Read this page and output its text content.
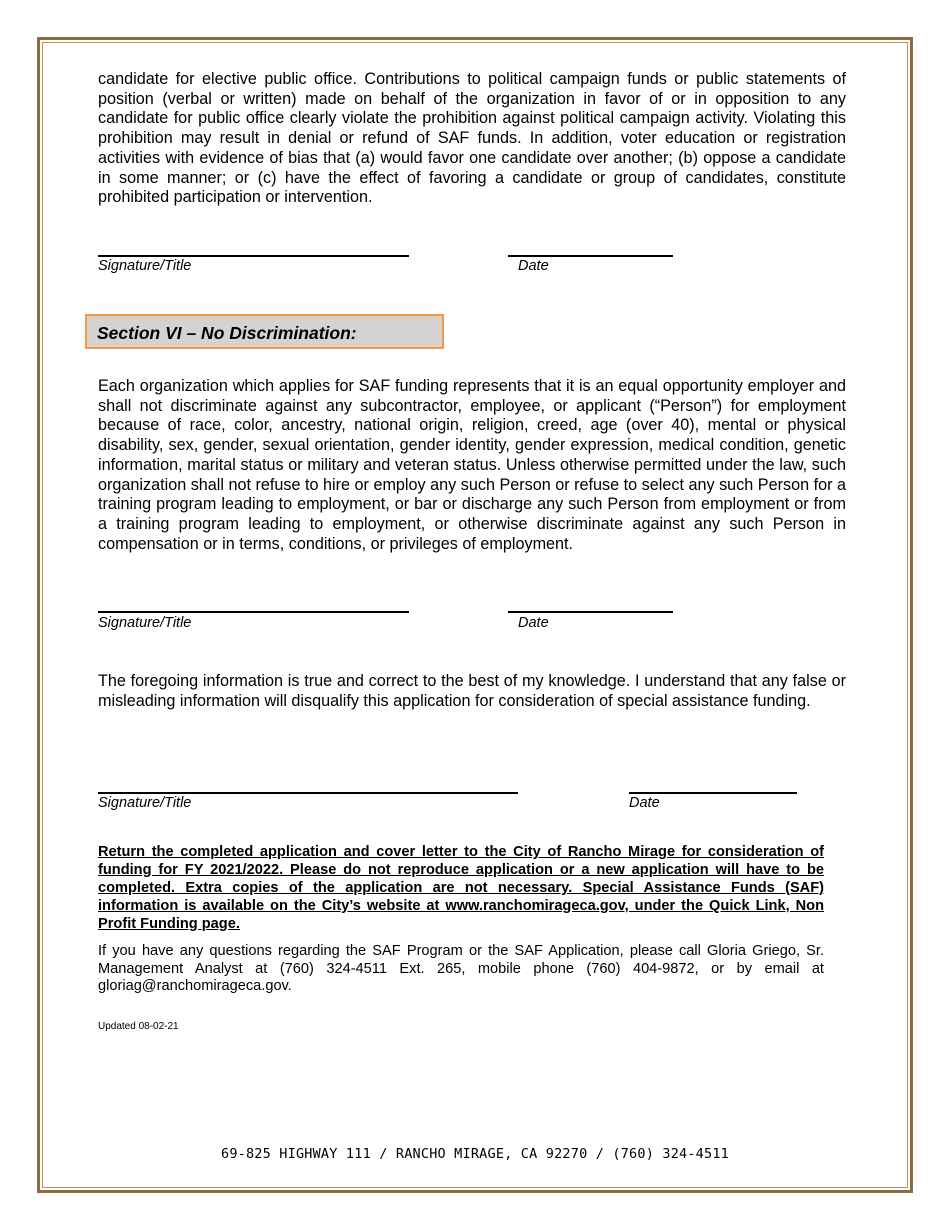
candidate for elective public office. Contributions to political campaign funds or public statements of position (verbal or written) made on behalf of the organization in favor of or in opposition to any candidate for public office clearly violate the prohibition against political campaign activity. Violating this prohibition may result in denial or refund of SAF funds. In addition, voter education or registration activities with evidence of bias that (a) would favor one candidate over another; (b) oppose a candidate in some manner; or (c) have the effect of favoring a candidate or group of candidates, constitute prohibited participation or intervention.

Signature/Title	Date
Section VI – No Discrimination:

Each organization which applies for SAF funding represents that it is an equal opportunity employer and shall not discriminate against any subcontractor, employee, or applicant (“Person”) for employment because of race, color, ancestry, national origin, religion, creed, age (over 40), mental or physical disability, sex, gender, sexual orientation, gender identity, gender expression, medical condition, genetic information, marital status or military and veteran status. Unless otherwise permitted under the law, such organization shall not refuse to hire or employ any such Person or refuse to select any such Person for a training program leading to employment, or bar or discharge any such Person from employment or from a training program leading to employment, or otherwise discriminate against any such Person in compensation or in terms, conditions, or privileges of employment.

Signature/Title	Date

The foregoing information is true and correct to the best of my knowledge. I understand that any false or misleading information will disqualify this application for consideration of special assistance funding.

Signature/Title	Date

Return the completed application and cover letter to the City of Rancho Mirage for consideration of funding for FY 2021/2022. Please do not reproduce application or a new application will have to be completed. Extra copies of the application are not necessary. Special Assistance Funds (SAF) information is available on the City’s website at www.ranchomirageca.gov, under the Quick Link, Non Profit Funding page.

If you have any questions regarding the SAF Program or the SAF Application, please call Gloria Griego, Sr. Management Analyst at (760) 324-4511 Ext. 265, mobile phone (760) 404-9872, or by email at gloriag@ranchomirageca.gov.

Updated 08-02-21
69-825 HIGHWAY 111 / RANCHO MIRAGE, CA 92270 / (760) 324-4511
